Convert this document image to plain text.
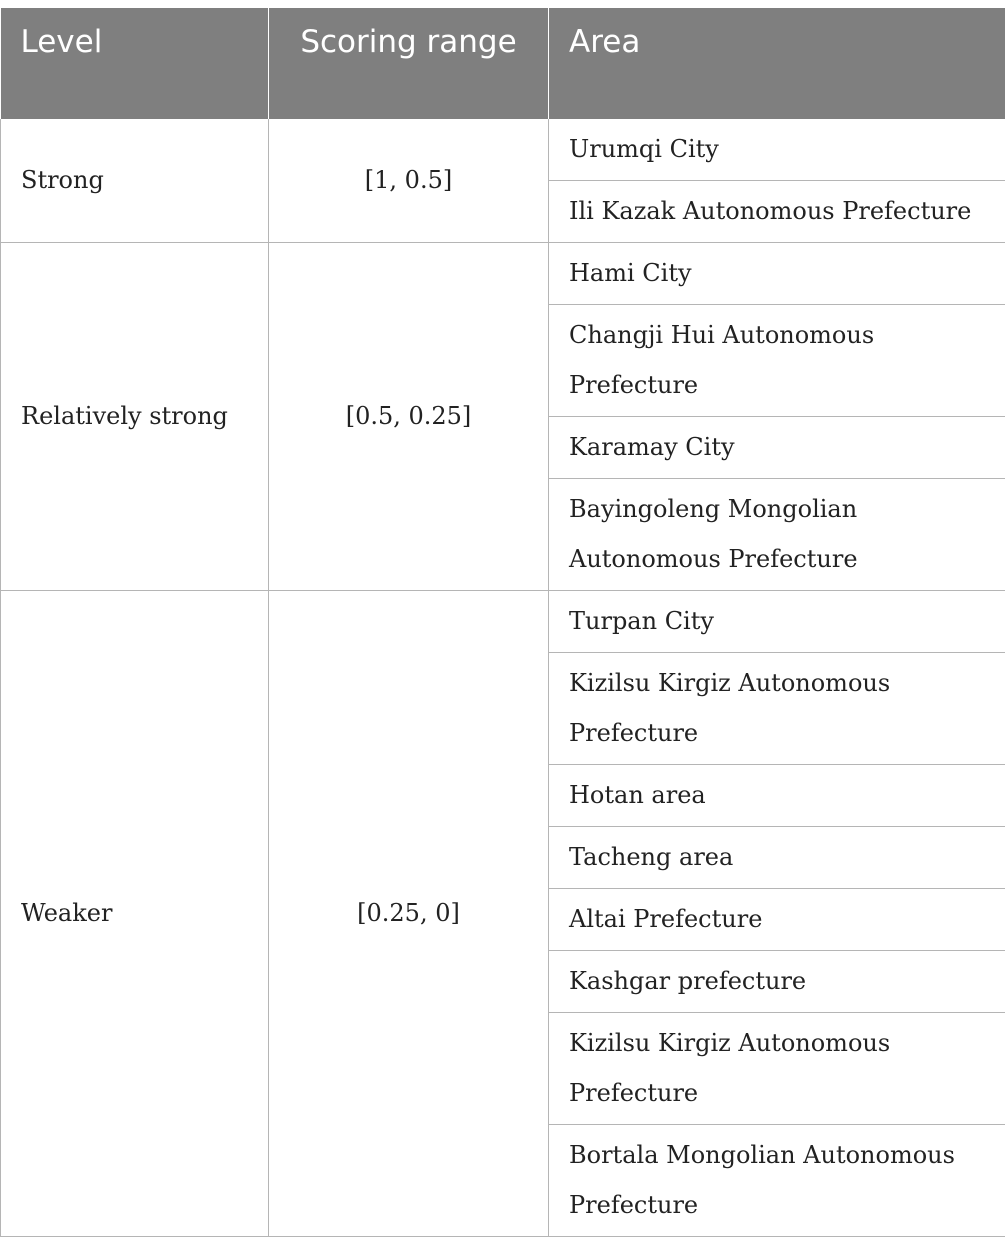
Level	Scoring range	Area
Strong	[1, 0.5]	Urumqi City
		Ili Kazak Autonomous Prefecture
Relatively strong	[0.5, 0.25]	Hami City
		Changji Hui Autonomous Prefecture
		Karamay City
		Bayingoleng Mongolian Autonomous Prefecture
Weaker	[0.25, 0]	Turpan City
		Kizilsu Kirgiz Autonomous Prefecture
		Hotan area
		Tacheng area
		Altai Prefecture
		Kashgar prefecture
		Kizilsu Kirgiz Autonomous Prefecture
		Bortala Mongolian Autonomous Prefecture
